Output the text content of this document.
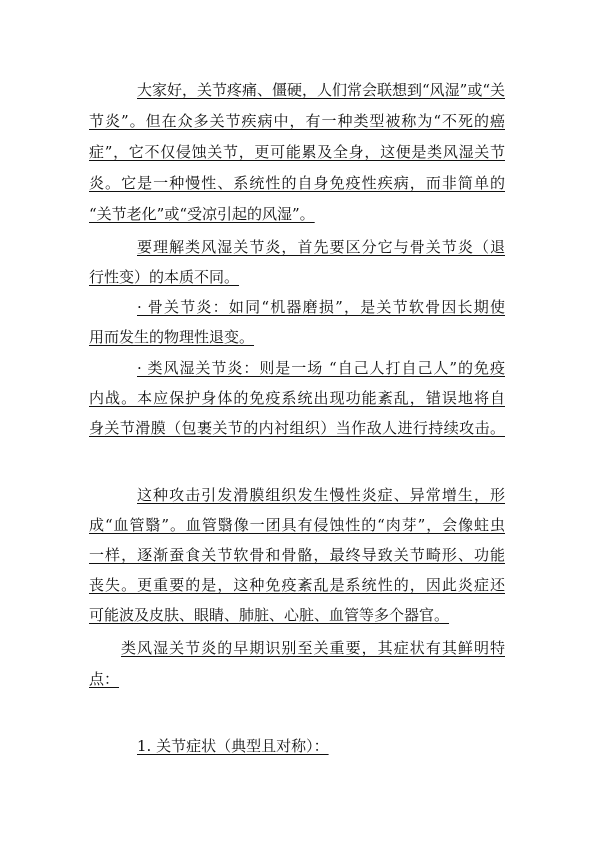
大家好，关节疼痛、僵硬，人们常会联想到“风湿”或“关
节炎”。但在众多关节疾病中，有一种类型被称为“不死的癌
症”，它不仅侵蚀关节，更可能累及全身，这便是类风湿关节
炎。它是一种慢性、系统性的自身免疫性疾病，而非简单的
“关节老化”或“受凉引起的风湿”。
要理解类风湿关节炎，首先要区分它与骨关节炎（退
行性变）的本质不同。
· 骨关节炎：如同“机器磨损”，是关节软骨因长期使
用而发生的物理性退变。
· 类风湿关节炎：则是一场 “自己人打自己人”的免疫
内战。本应保护身体的免疫系统出现功能紊乱，错误地将自
身关节滑膜（包裹关节的内衬组织）当作敌人进行持续攻击。
这种攻击引发滑膜组织发生慢性炎症、异常增生，形
成“血管翳”。血管翳像一团具有侵蚀性的“肉芽”，会像蛀虫
一样，逐渐蚕食关节软骨和骨骼，最终导致关节畸形、功能
丧失。更重要的是，这种免疫紊乱是系统性的，因此炎症还
可能波及皮肤、眼睛、肺脏、心脏、血管等多个器官。
类风湿关节炎的早期识别至关重要，其症状有其鲜明特
点：
1. 关节症状（典型且对称）：
